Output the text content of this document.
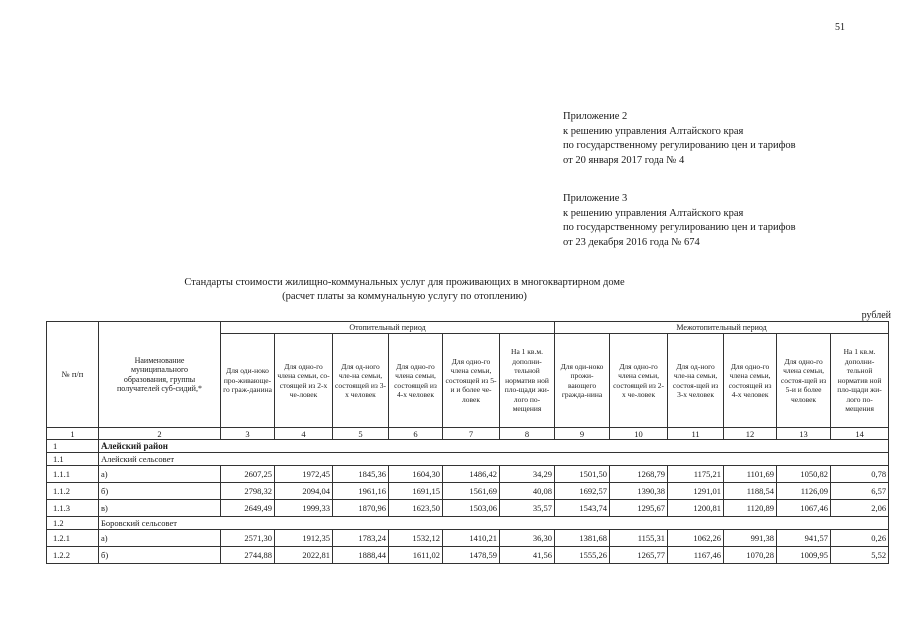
51
Приложение 2
к решению управления Алтайского края
по государственному регулированию цен и тарифов
от 20 января 2017 года № 4
Приложение 3
к решению управления Алтайского края
по государственному регулированию цен и тарифов
от 23 декабря 2016 года № 674
Стандарты стоимости жилищно-коммунальных услуг для проживающих в многоквартирном доме
(расчет платы за коммунальную услугу по отоплению)
рублей
№ п/п	Наименование муниципального образования, группы получателей суб-сидий,*	Отопительный период						Межотопительный период					
		Для оди-ноко про-живающе-го граж-данина	Для одно-го члена семьи, со-стоящей из 2-х че-ловек	Для од-ного чле-на семьи, состоящей из 3-х человек	Для одно-го члена семьи, состоящей из 4-х человек	Для одно-го члена семьи, состоящей из 5-и и более че-ловек	На 1 кв.м. дополни-тельной норматив ной пло-щади жи-лого по-мещения	Для оди-ноко прожи-вающего гражда-нина	Для одно-го члена семьи, состоящей из 2-х че-ловек	Для од-ного чле-на семьи, состоя-щей из 3-х человек	Для одно-го члена семьи, состоящей из 4-х человек	Для одно-го члена семьи, состоя-щей из 5-и и более человек	На 1 кв.м. дополни-тельной норматив ной пло-щади жи-лого по-мещения
1	2	3	4	5	6	7	8	9	10	11	12	13	14
1	Алейский район												
1.1	Алейский сельсовет												
1.1.1	а)	2607,25	1972,45	1845,36	1604,30	1486,42	34,29	1501,50	1268,79	1175,21	1101,69	1050,82	0,78
1.1.2	б)	2798,32	2094,04	1961,16	1691,15	1561,69	40,08	1692,57	1390,38	1291,01	1188,54	1126,09	6,57
1.1.3	в)	2649,49	1999,33	1870,96	1623,50	1503,06	35,57	1543,74	1295,67	1200,81	1120,89	1067,46	2,06
1.2	Боровский сельсовет												
1.2.1	а)	2571,30	1912,35	1783,24	1532,12	1410,21	36,30	1381,68	1155,31	1062,26	991,38	941,57	0,26
1.2.2	б)	2744,88	2022,81	1888,44	1611,02	1478,59	41,56	1555,26	1265,77	1167,46	1070,28	1009,95	5,52
